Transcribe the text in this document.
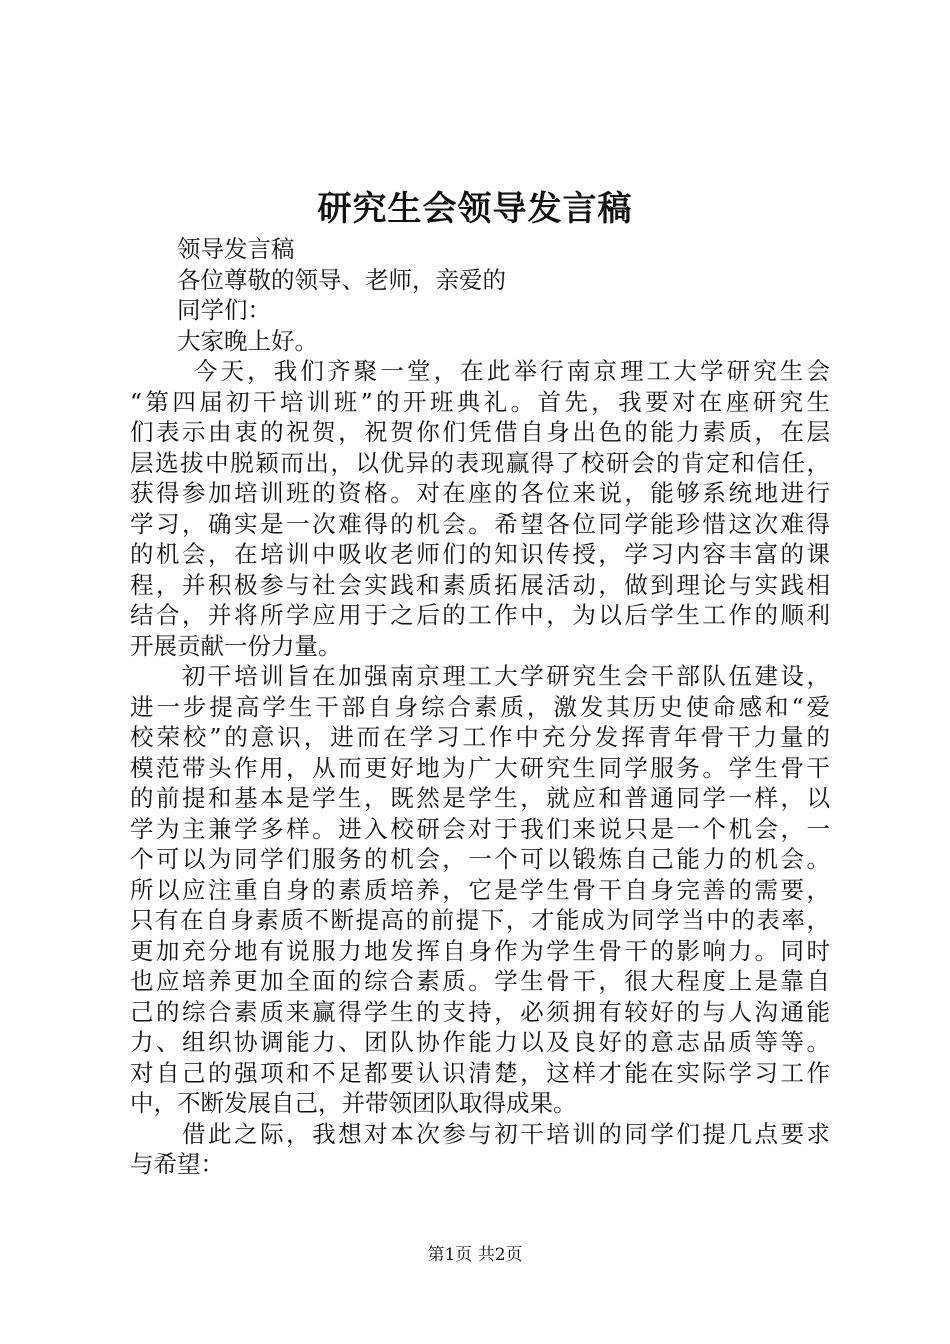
研究生会领导发言稿
　　领导发言稿
　　各位尊敬的领导、老师，亲爱的
　　同学们：
　　大家晚上好。
　　 今天，我们齐聚一堂，在此举行南京理工大学研究生会
“第四届初干培训班”的开班典礼。首先，我要对在座研究生
们表示由衷的祝贺，祝贺你们凭借自身出色的能力素质，在层
层选拔中脱颖而出，以优异的表现赢得了校研会的肯定和信任，
获得参加培训班的资格。对在座的各位来说，能够系统地进行
学习，确实是一次难得的机会。希望各位同学能珍惜这次难得
的机会，在培训中吸收老师们的知识传授，学习内容丰富的课
程，并积极参与社会实践和素质拓展活动，做到理论与实践相
结合，并将所学应用于之后的工作中，为以后学生工作的顺利
开展贡献一份力量。
　　初干培训旨在加强南京理工大学研究生会干部队伍建设，
进一步提高学生干部自身综合素质，激发其历史使命感和“爱
校荣校”的意识，进而在学习工作中充分发挥青年骨干力量的
模范带头作用，从而更好地为广大研究生同学服务。学生骨干
的前提和基本是学生，既然是学生，就应和普通同学一样，以
学为主兼学多样。进入校研会对于我们来说只是一个机会，一
个可以为同学们服务的机会，一个可以锻炼自己能力的机会。
所以应注重自身的素质培养，它是学生骨干自身完善的需要，
只有在自身素质不断提高的前提下，才能成为同学当中的表率，
更加充分地有说服力地发挥自身作为学生骨干的影响力。同时
也应培养更加全面的综合素质。学生骨干，很大程度上是靠自
己的综合素质来赢得学生的支持，必须拥有较好的与人沟通能
力、组织协调能力、团队协作能力以及良好的意志品质等等。
对自己的强项和不足都要认识清楚，这样才能在实际学习工作
中，不断发展自己，并带领团队取得成果。
　　借此之际，我想对本次参与初干培训的同学们提几点要求
与希望：
第1页 共2页
